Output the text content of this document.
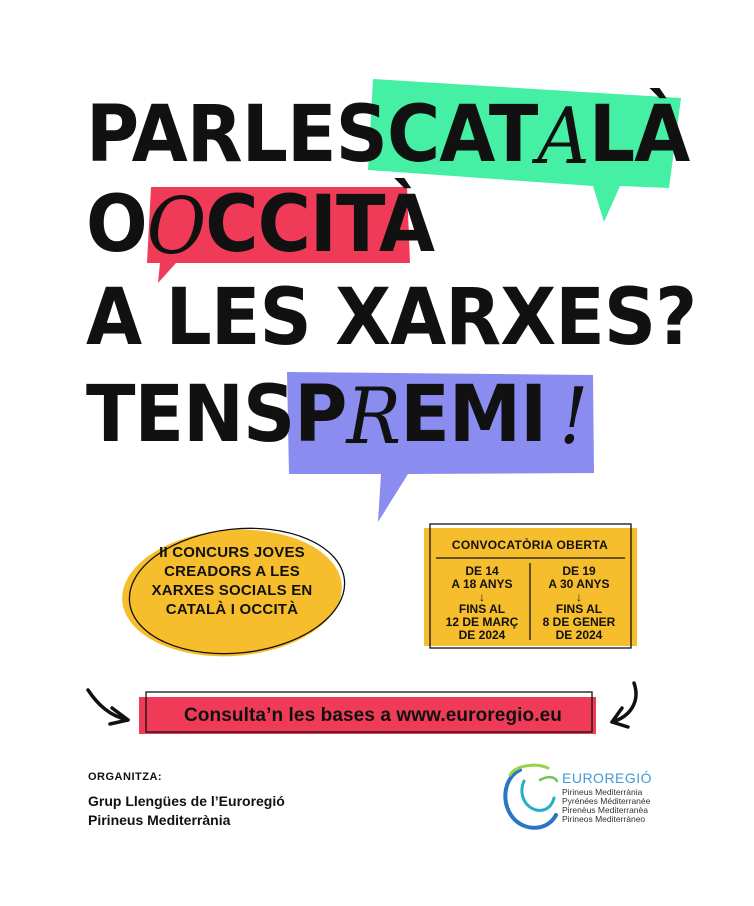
PARLESCATALÀ
OOCCITÀ
A LES XARXES?
TENSPREMI !
II CONCURS JOVES
CREADORS A LES
XARXES SOCIALS EN
CATALÀ I OCCITÀ
CONVOCATÒRIA OBERTA
DE 14
A 18 ANYS
↓
FINS AL
12 DE MARÇ
DE 2024
DE 19
A 30 ANYS
↓
FINS AL
8 DE GENER
DE 2024
Consulta’n les bases a www.euroregio.eu
ORGANITZA:
Grup Llengües de l’Euroregió
Pirineus Mediterrània
EUROREGIÓ
Pirineus Mediterrània
Pyrénées Méditerranée
Pirenèus Mediterranèa
Pirineos Mediterráneo
